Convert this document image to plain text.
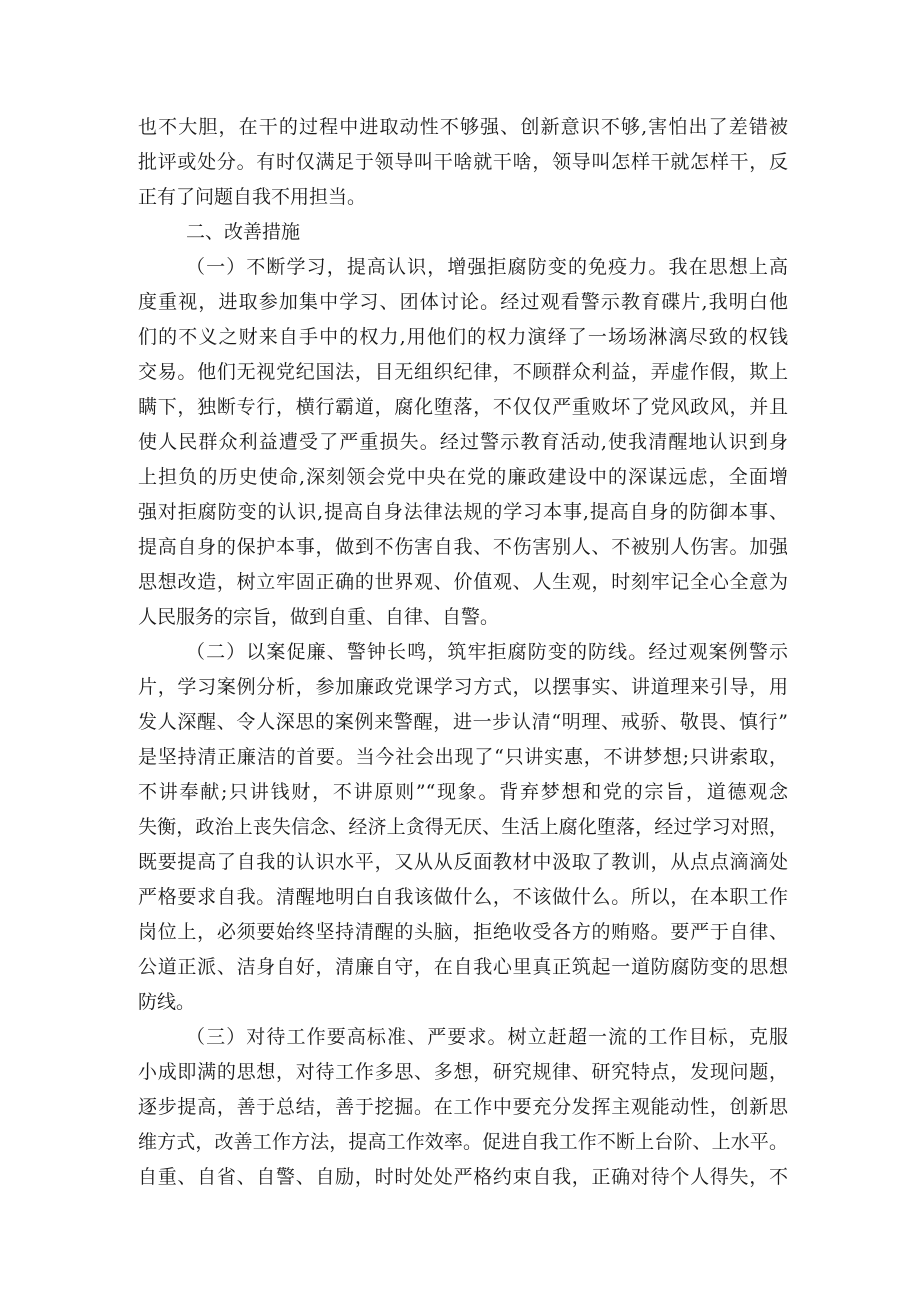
也不大胆，在干的过程中进取动性不够强、创新意识不够,害怕出了差错被
批评或处分。有时仅满足于领导叫干啥就干啥，领导叫怎样干就怎样干，反
正有了问题自我不用担当。
二、改善措施
（一）不断学习，提高认识，增强拒腐防变的免疫力。我在思想上高
度重视，进取参加集中学习、团体讨论。经过观看警示教育碟片,我明白他
们的不义之财来自手中的权力,用他们的权力演绎了一场场淋漓尽致的权钱
交易。他们无视党纪国法，目无组织纪律，不顾群众利益，弄虚作假，欺上
瞒下，独断专行，横行霸道，腐化堕落，不仅仅严重败坏了党风政风，并且
使人民群众利益遭受了严重损失。经过警示教育活动,使我清醒地认识到身
上担负的历史使命,深刻领会党中央在党的廉政建设中的深谋远虑，全面增
强对拒腐防变的认识,提高自身法律法规的学习本事,提高自身的防御本事、
提高自身的保护本事，做到不伤害自我、不伤害别人、不被别人伤害。加强
思想改造，树立牢固正确的世界观、价值观、人生观，时刻牢记全心全意为
人民服务的宗旨，做到自重、自律、自警。
（二）以案促廉、警钟长鸣，筑牢拒腐防变的防线。经过观案例警示
片，学习案例分析，参加廉政党课学习方式，以摆事实、讲道理来引导，用
发人深醒、令人深思的案例来警醒，进一步认清“明理、戒骄、敬畏、慎行”
是坚持清正廉洁的首要。当今社会出现了“只讲实惠，不讲梦想;只讲索取，
不讲奉献;只讲钱财，不讲原则”“现象。背弃梦想和党的宗旨，道德观念
失衡，政治上丧失信念、经济上贪得无厌、生活上腐化堕落，经过学习对照，
既要提高了自我的认识水平，又从从反面教材中汲取了教训，从点点滴滴处
严格要求自我。清醒地明白自我该做什么，不该做什么。所以，在本职工作
岗位上，必须要始终坚持清醒的头脑，拒绝收受各方的贿赂。要严于自律、
公道正派、洁身自好，清廉自守，在自我心里真正筑起一道防腐防变的思想
防线。
（三）对待工作要高标准、严要求。树立赶超一流的工作目标，克服
小成即满的思想，对待工作多思、多想，研究规律、研究特点，发现问题，
逐步提高，善于总结，善于挖掘。在工作中要充分发挥主观能动性，创新思
维方式，改善工作方法，提高工作效率。促进自我工作不断上台阶、上水平。
自重、自省、自警、自励，时时处处严格约束自我，正确对待个人得失，不
